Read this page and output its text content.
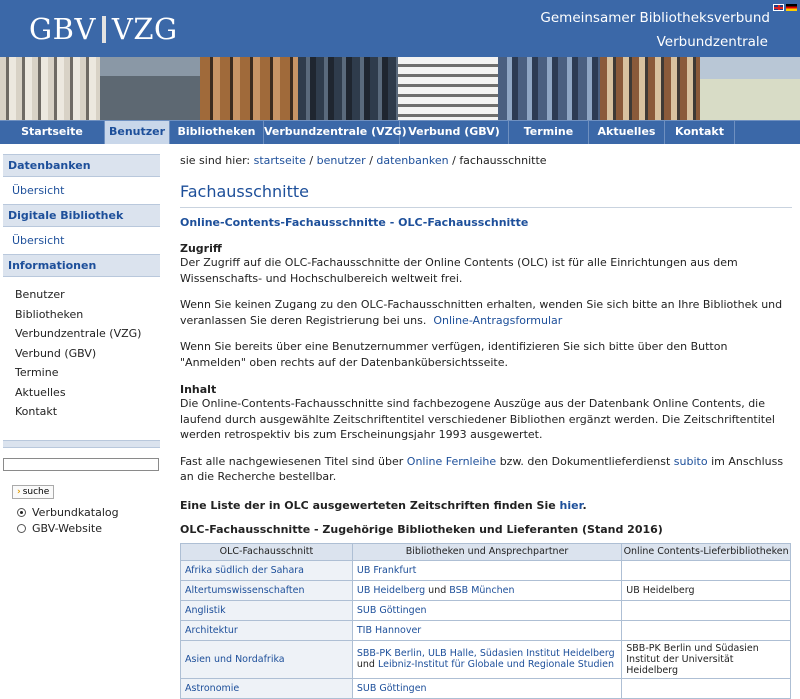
GBV VZG	Gemeinsamer Bibliotheksverbund
Verbundzentrale
Startseite	Benutzer	Bibliotheken Verbundzentrale (VZG) Verbund (GBV)	Termine	Aktuelles	Kontakt
Datenbanken
Übersicht
Digitale Bibliothek
Übersicht
Informationen
Benutzer
Bibliotheken
Verbundzentrale (VZG)
Verbund (GBV)
Termine
Aktuelles
Kontakt
› suche
Verbundkatalog
GBV-Website
sie sind hier: startseite / benutzer / datenbanken / fachausschnitte
Fachausschnitte
Online-Contents-Fachausschnitte - OLC-Fachausschnitte
Zugriff

Der Zugriff auf die OLC-Fachausschnitte der Online Contents (OLC) ist für alle Einrichtungen aus dem Wissenschafts- und Hochschulbereich weltweit frei.

Wenn Sie keinen Zugang zu den OLC-Fachausschnitten erhalten, wenden Sie sich bitte an Ihre Bibliothek und veranlassen Sie deren Registrierung bei uns. Online-Antragsformular

Wenn Sie bereits über eine Benutzernummer verfügen, identifizieren Sie sich bitte über den Button "Anmelden" oben rechts auf der Datenbankübersichtsseite.

Inhalt

Die Online-Contents-Fachausschnitte sind fachbezogene Auszüge aus der Datenbank Online Contents, die laufend durch ausgewählte Zeitschriftentitel verschiedener Bibliothen ergänzt werden. Die Zeitschriftentitel werden retrospektiv bis zum Erscheinungsjahr 1993 ausgewertet.

Fast alle nachgewiesenen Titel sind über Online Fernleihe bzw. den Dokumentlieferdienst subito im Anschluss an die Recherche bestellbar.

Eine Liste der in OLC ausgewerteten Zeitschriften finden Sie hier.
OLC-Fachausschnitte - Zugehörige Bibliotheken und Lieferanten (Stand 2016)
OLC-Fachausschnitt	Bibliotheken und Ansprechpartner	Online Contents-Lieferbibliotheken
Afrika südlich der Sahara	UB Frankfurt	
Altertumswissenschaften	UB Heidelberg und BSB München	UB Heidelberg
Anglistik	SUB Göttingen	
Architektur	TIB Hannover	
Asien und Nordafrika	SBB-PK Berlin, ULB Halle, Südasien Institut Heidelberg und Leibniz-Institut für Globale und Regionale Studien	SBB-PK Berlin und Südasien Institut der Universität Heidelberg
Astronomie	SUB Göttingen	
